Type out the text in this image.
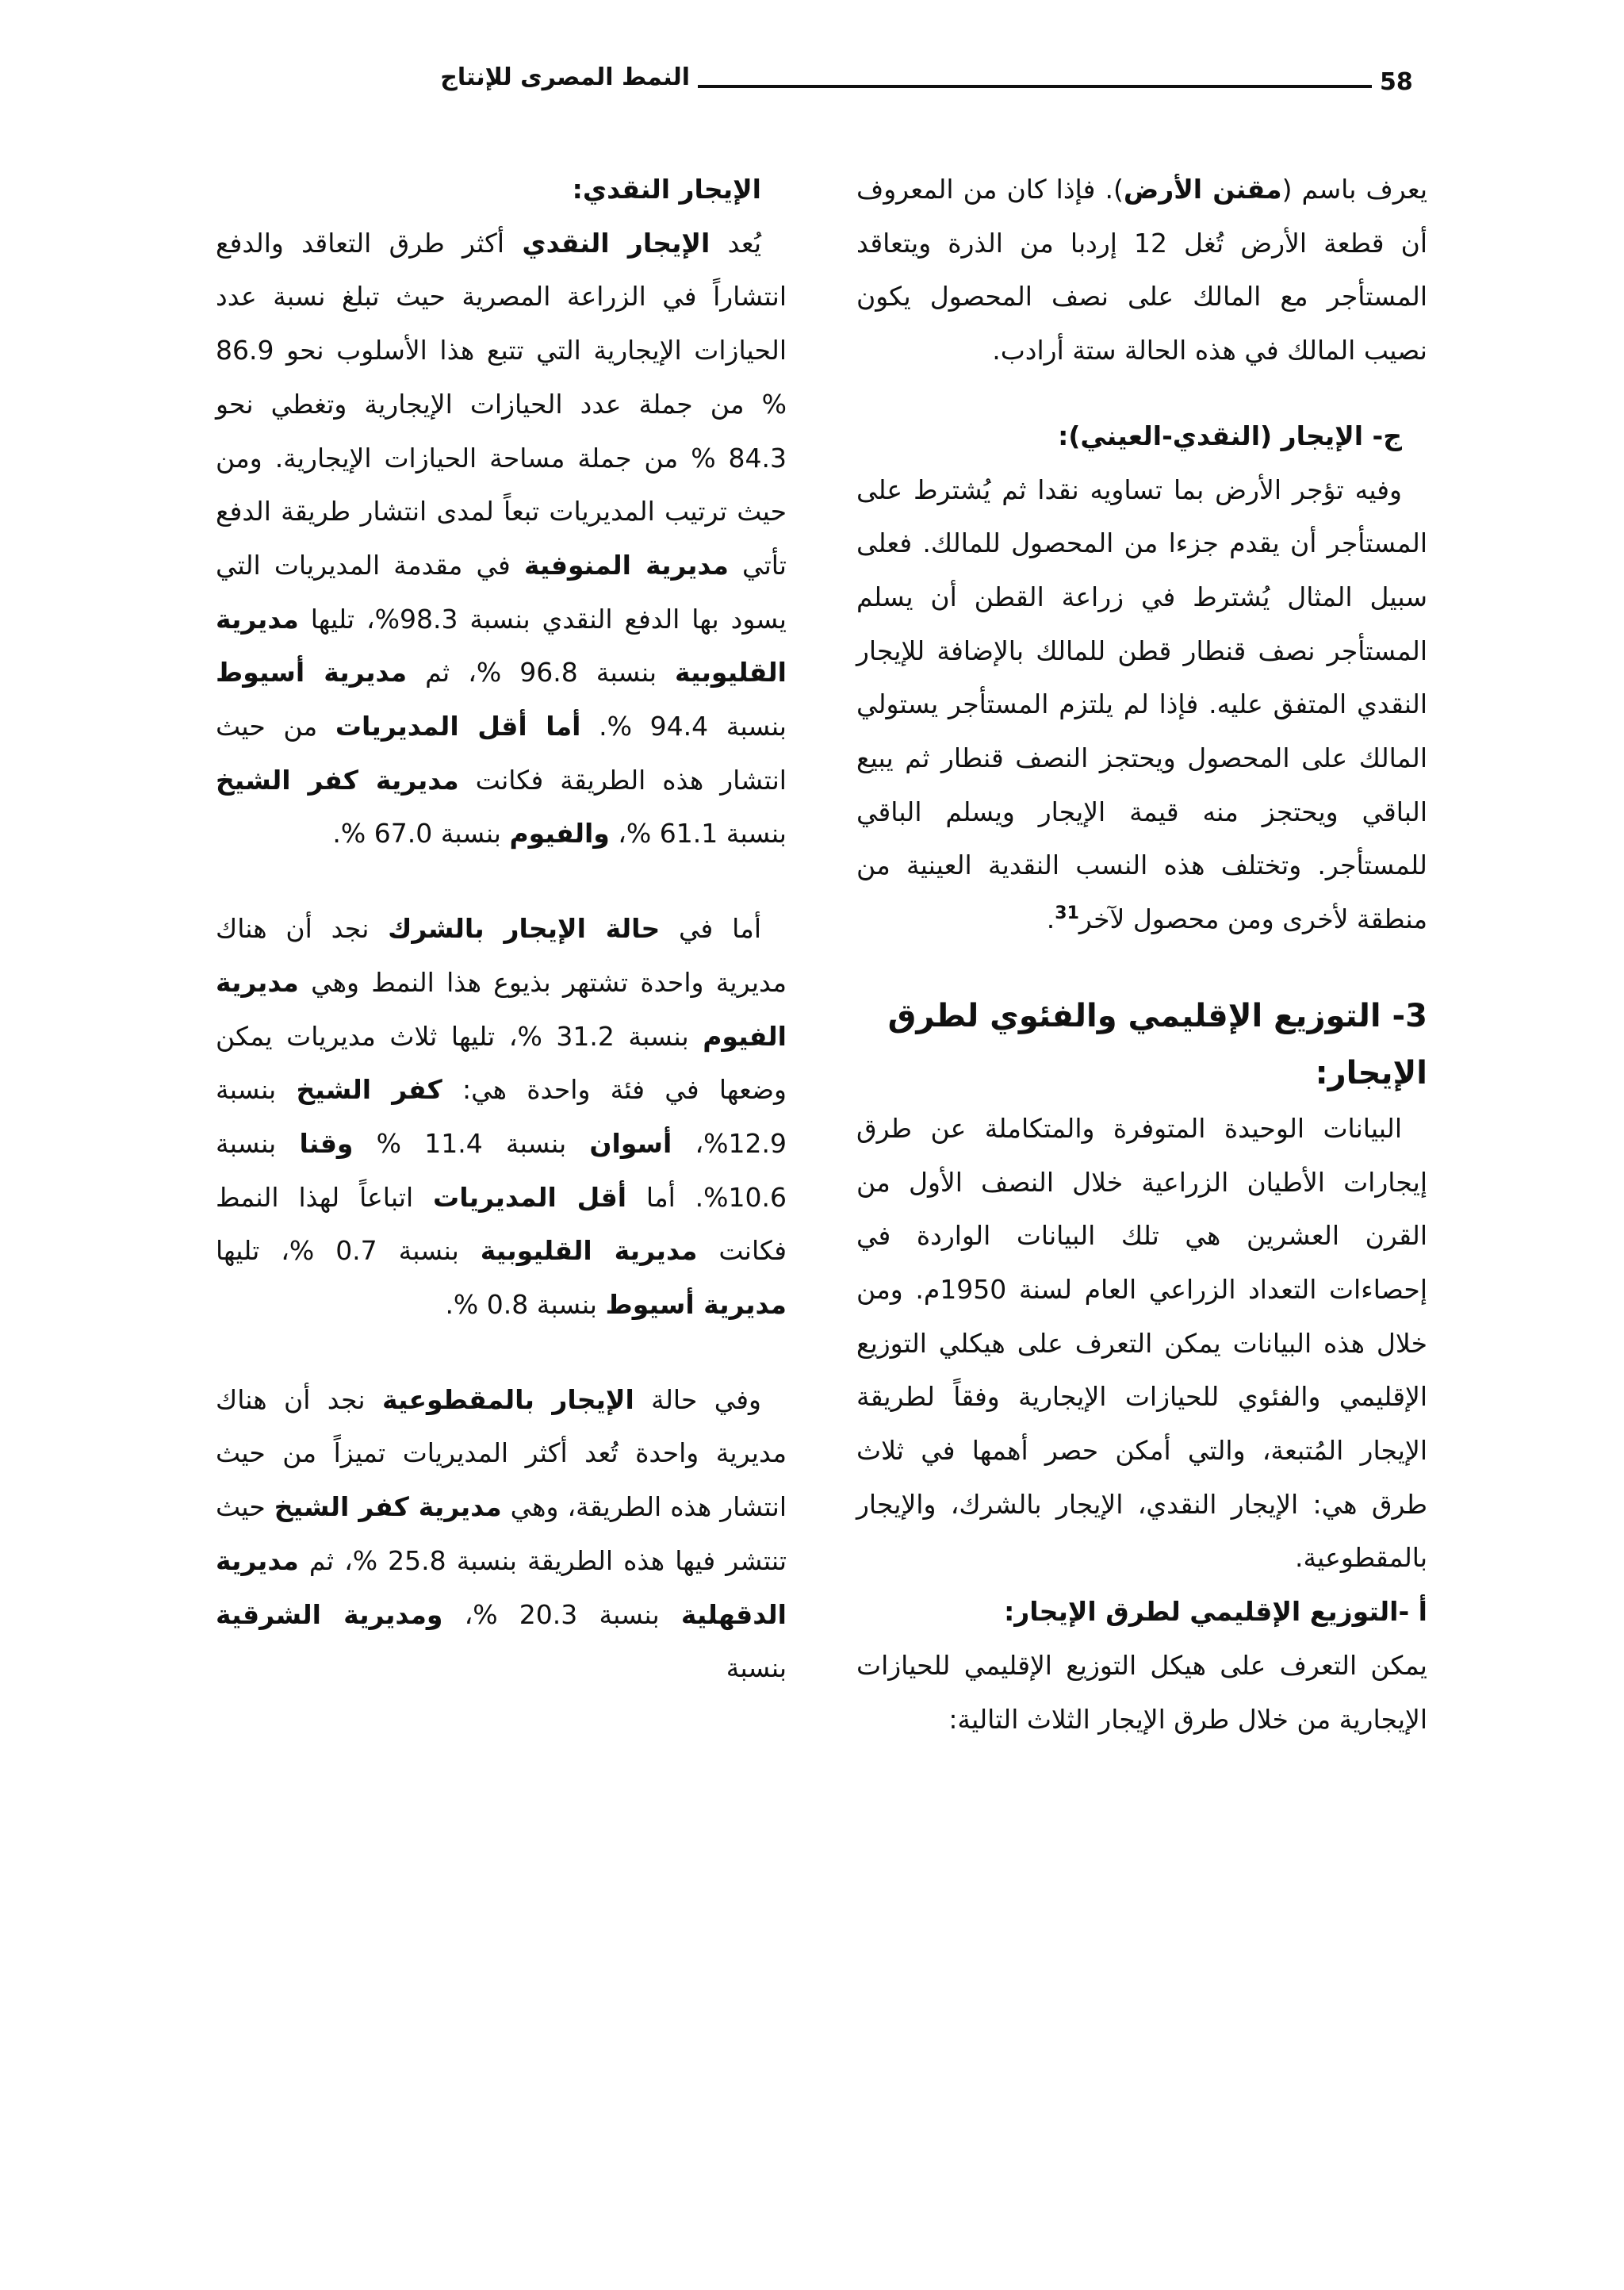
58
النمط المصرى للإنتاج
يعرف باسم (مقنن الأرض). فإذا كان من المعروف أن قطعة الأرض تُغل 12 إردبا من الذرة ويتعاقد المستأجر مع المالك على نصف المحصول يكون نصيب المالك في هذه الحالة ستة أرادب.
ج- الإيجار (النقدي-العيني):
وفيه تؤجر الأرض بما تساويه نقدا ثم يُشترط على المستأجر أن يقدم جزءا من المحصول للمالك. فعلى سبيل المثال يُشترط في زراعة القطن أن يسلم المستأجر نصف قنطار قطن للمالك بالإضافة للإيجار النقدي المتفق عليه. فإذا لم يلتزم المستأجر يستولي المالك على المحصول ويحتجز النصف قنطار ثم يبيع الباقي ويحتجز منه قيمة الإيجار ويسلم الباقي للمستأجر. وتختلف هذه النسب النقدية العينية من منطقة لأخرى ومن محصول لآخر$^{31}$.
3- التوزيع الإقليمي والفئوي لطرق الإيجار:
البيانات الوحيدة المتوفرة والمتكاملة عن طرق إيجارات الأطيان الزراعية خلال النصف الأول من القرن العشرين هي تلك البيانات الواردة في إحصاءات التعداد الزراعي العام لسنة 1950م. ومن خلال هذه البيانات يمكن التعرف على هيكلي التوزيع الإقليمي والفئوي للحيازات الإيجارية وفقاً لطريقة الإيجار المُتبعة، والتي أمكن حصر أهمها في ثلاث طرق هي: الإيجار النقدي، الإيجار بالشرك، والإيجار بالمقطوعية.
أ -التوزيع الإقليمي لطرق الإيجار:
يمكن التعرف على هيكل التوزيع الإقليمي للحيازات الإيجارية من خلال طرق الإيجار الثلاث التالية:
الإيجار النقدي:
يُعد الإيجار النقدي أكثر طرق التعاقد والدفع انتشاراً في الزراعة المصرية حيث تبلغ نسبة عدد الحيازات الإيجارية التي تتبع هذا الأسلوب نحو 86.9 % من جملة عدد الحيازات الإيجارية وتغطي نحو 84.3 % من جملة مساحة الحيازات الإيجارية. ومن حيث ترتيب المديريات تبعاً لمدى انتشار طريقة الدفع تأتي مديرية المنوفية في مقدمة المديريات التي يسود بها الدفع النقدي بنسبة 98.3%، تليها مديرية القليوبية بنسبة 96.8 %، ثم مديرية أسيوط بنسبة 94.4 %. أما أقل المديريات من حيث انتشار هذه الطريقة فكانت مديرية كفر الشيخ بنسبة 61.1 %، والفيوم بنسبة 67.0 %.
أما في حالة الإيجار بالشرك نجد أن هناك مديرية واحدة تشتهر بذيوع هذا النمط وهي مديرية الفيوم بنسبة 31.2 %، تليها ثلاث مديريات يمكن وضعها في فئة واحدة هي: كفر الشيخ بنسبة 12.9%، أسوان بنسبة 11.4 % وقنا بنسبة 10.6%. أما أقل المديريات اتباعاً لهذا النمط فكانت مديرية القليوبية بنسبة 0.7 %، تليها مديرية أسيوط بنسبة 0.8 %.
وفي حالة الإيجار بالمقطوعية نجد أن هناك مديرية واحدة تُعد أكثر المديريات تميزاً من حيث انتشار هذه الطريقة، وهي مديرية كفر الشيخ حيث تنتشر فيها هذه الطريقة بنسبة 25.8 %، ثم مديرية الدقهلية بنسبة 20.3 %، ومديرية الشرقية بنسبة
